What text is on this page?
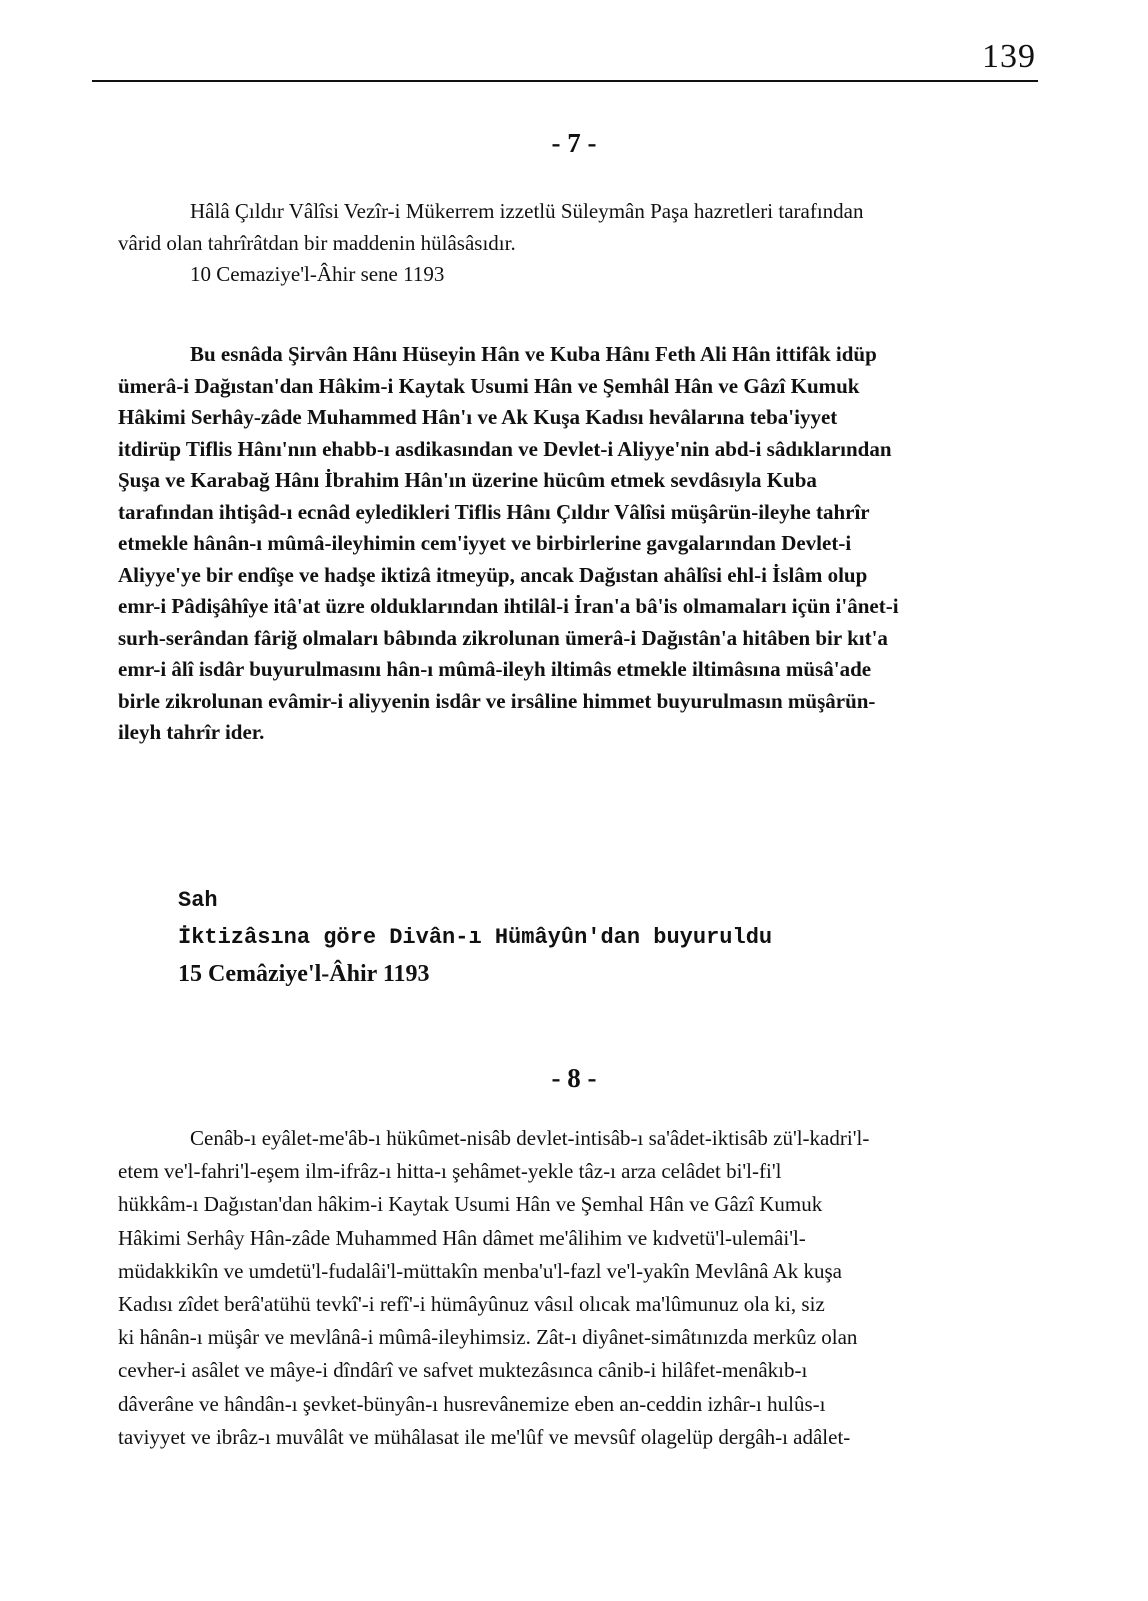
139
- 7 -
Hâlâ Çıldır Vâlîsi Vezîr-i Mükerrem izzetlü Süleymân Paşa hazretleri tarafından
vârid olan tahrîrâtdan bir maddenin hülâsâsıdır.
10 Cemaziye'l-Âhir sene 1193
Bu esnâda Şirvân Hânı Hüseyin Hân ve Kuba Hânı Feth Ali Hân ittifâk idüp
ümerâ-i Dağıstan'dan Hâkim-i Kaytak Usumi Hân ve Şemhâl Hân ve Gâzî Kumuk
Hâkimi Serhây-zâde Muhammed Hân'ı ve Ak Kuşa Kadısı hevâlarına teba'iyyet
itdirüp Tiflis Hânı'nın ehabb-ı asdikasından ve Devlet-i Aliyye'nin abd-i sâdıklarından
Şuşa ve Karabağ Hânı İbrahim Hân'ın üzerine hücûm etmek sevdâsıyla Kuba
tarafından ihtişâd-ı ecnâd eyledikleri Tiflis Hânı Çıldır Vâlîsi müşârün-ileyhe tahrîr
etmekle hânân-ı mûmâ-ileyhimin cem'iyyet ve birbirlerine gavgalarından Devlet-i
Aliyye'ye bir endîşe ve hadşe iktizâ itmeyüp, ancak Dağıstan ahâlîsi ehl-i İslâm olup
emr-i Pâdişâhîye itâ'at üzre olduklarından ihtilâl-i İran'a bâ'is olmamaları içün i'ânet-i
surh-serândan fâriğ olmaları bâbında zikrolunan ümerâ-i Dağıstân'a hitâben bir kıt'a
emr-i âlî isdâr buyurulmasını hân-ı mûmâ-ileyh iltimâs etmekle iltimâsına müsâ'ade
birle zikrolunan evâmir-i aliyyenin isdâr ve irsâline himmet buyurulmasın müşârün-
ileyh tahrîr ider.
Sah
İktizâsına göre Divân-ı Hümâyûn'dan buyuruldu
15 Cemâziye'l-Âhir 1193
- 8 -
Cenâb-ı eyâlet-me'âb-ı hükûmet-nisâb devlet-intisâb-ı sa'âdet-iktisâb zü'l-kadri'l-
etem ve'l-fahri'l-eşem ilm-ifrâz-ı hitta-ı şehâmet-yekle tâz-ı arza celâdet bi'l-fi'l
hükkâm-ı Dağıstan'dan hâkim-i Kaytak Usumi Hân ve Şemhal Hân ve Gâzî Kumuk
Hâkimi Serhây Hân-zâde Muhammed Hân dâmet me'âlihim ve kıdvetü'l-ulemâi'l-
müdakkikîn ve umdetü'l-fudalâi'l-müttakîn menba'u'l-fazl ve'l-yakîn Mevlânâ Ak kuşa
Kadısı zîdet berâ'atühü tevkî'-i refî'-i hümâyûnuz vâsıl olıcak ma'lûmunuz ola ki, siz
ki hânân-ı müşâr ve mevlânâ-i mûmâ-ileyhimsiz. Zât-ı diyânet-simâtınızda merkûz olan
cevher-i asâlet ve mâye-i dîndârî ve safvet muktezâsınca cânib-i hilâfet-menâkıb-ı
dâverâne ve hândân-ı şevket-bünyân-ı husrevânemize eben an-ceddin izhâr-ı hulûs-ı
taviyyet ve ibrâz-ı muvâlât ve mühâlasat ile me'lûf ve mevsûf olagelüp dergâh-ı adâlet-
